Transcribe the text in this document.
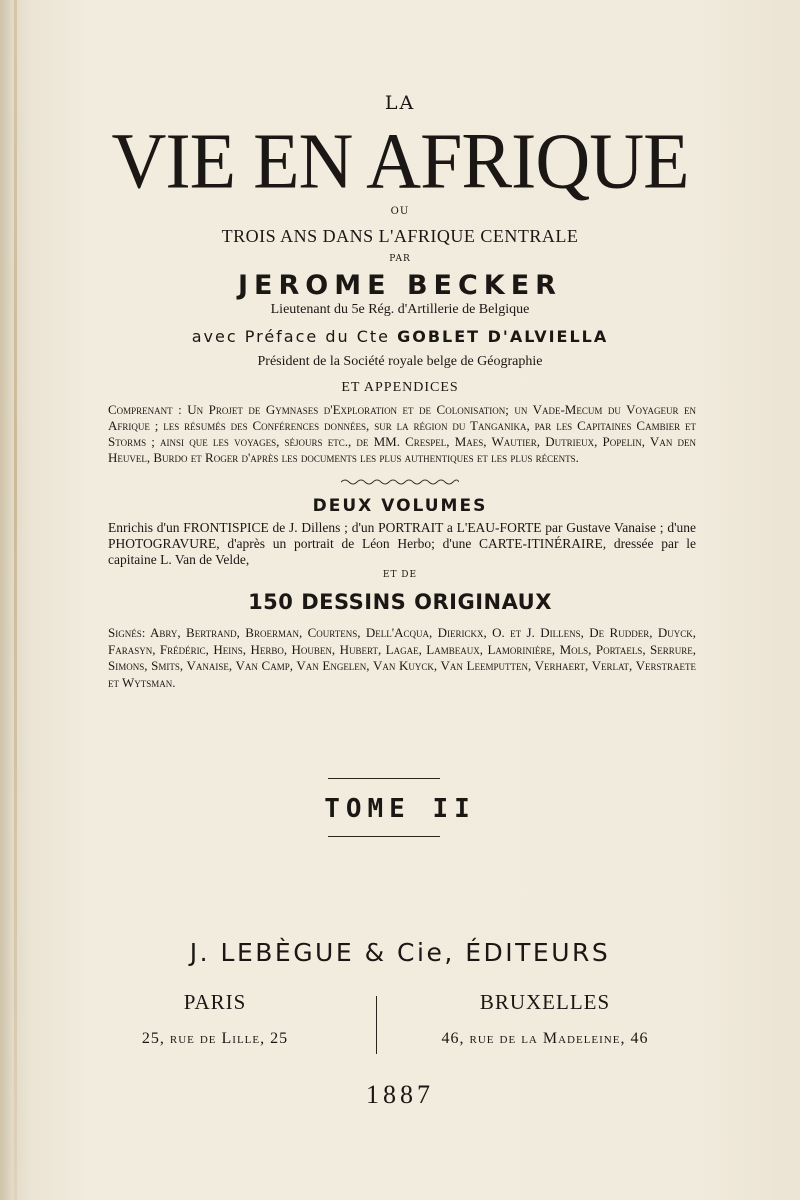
LA
VIE EN AFRIQUE
OU
TROIS ANS DANS L'AFRIQUE CENTRALE
PAR
JEROME BECKER
Lieutenant du 5e Rég. d'Artillerie de Belgique
avec Préface du Cte GOBLET D'ALVIELLA
Président de la Société royale belge de Géographie
ET APPENDICES
Comprenant : Un Projet de Gymnases d'Exploration et de Colonisation; un Vade-Mecum du Voyageur en Afrique ; les résumés des Conférences données, sur la région du Tanganika, par les Capitaines Cambier et Storms ; ainsi que les voyages, séjours etc., de MM. Crespel, Maes, Wautier, Dutrieux, Popelin, Van den Heuvel, Burdo et Roger d'après les documents les plus authentiques et les plus récents.
DEUX VOLUMES
Enrichis d'un FRONTISPICE de J. Dillens ; d'un PORTRAIT a L'EAU-FORTE par Gustave Vanaise ; d'une PHOTOGRAVURE, d'après un portrait de Léon Herbo; d'une CARTE-ITINÉRAIRE, dressée par le capitaine L. Van de Velde,
ET DE
150 DESSINS ORIGINAUX
Signés: Abry, Bertrand, Broerman, Courtens, Dell'Acqua, Dierickx, O. et J. Dillens, De Rudder, Duyck, Farasyn, Frédéric, Heins, Herbo, Houben, Hubert, Lagae, Lambeaux, Lamorinière, Mols, Portaels, Serrure, Simons, Smits, Vanaise, Van Camp, Van Engelen, Van Kuyck, Van Leemputten, Verhaert, Verlat, Verstraete et Wytsman.
TOME II
J. LEBÈGUE & Cie, ÉDITEURS
PARIS
25, rue de Lille, 25
BRUXELLES
46, rue de la Madeleine, 46
1887
